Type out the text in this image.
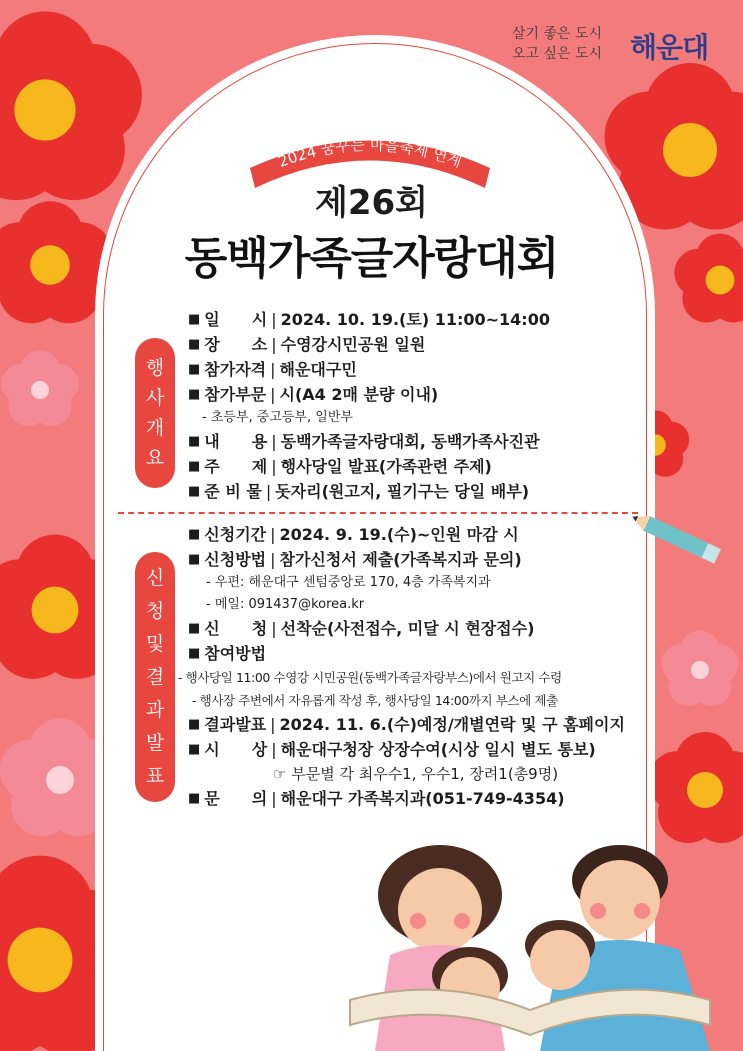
살기 좋은 도시
오고 싶은 도시 해운대
2024 꿈꾸는 마을축제 연계
제26회
동백가족글자랑대회
행
사
개
요
■ 일　　시 | 2024. 10. 19.(토) 11:00~14:00
■ 장　　소 | 수영강시민공원 일원
■ 참가자격 | 해운대구민
■ 참가부문 | 시(A4 2매 분량 이내)
- 초등부, 중고등부, 일반부
■ 내　　용 | 동백가족글자랑대회, 동백가족사진관
■ 주　　제 | 행사당일 발표(가족관련 주제)
■ 준 비 물 | 돗자리(원고지, 필기구는 당일 배부)
신
청
및
결
과
발
표
■ 신청기간 | 2024. 9. 19.(수)~인원 마감 시
■ 신청방법 | 참가신청서 제출(가족복지과 문의)
- 우편: 해운대구 센텀중앙로 170, 4층 가족복지과
- 메일: 091437@korea.kr
■ 신　　청 | 선착순(사전접수, 미달 시 현장접수)
■ 참여방법
- 행사당일 11:00 수영강 시민공원(동백가족글자랑부스)에서 원고지 수령
- 행사장 주변에서 자유롭게 작성 후, 행사당일 14:00까지 부스에 제출
■ 결과발표 | 2024. 11. 6.(수)예정/개별연락 및 구 홈페이지
■ 시　　상 | 해운대구청장 상장수여(시상 일시 별도 통보)
☞ 부문별 각 최우수1, 우수1, 장려1(총9명)
■ 문　　의 | 해운대구 가족복지과(051-749-4354)
